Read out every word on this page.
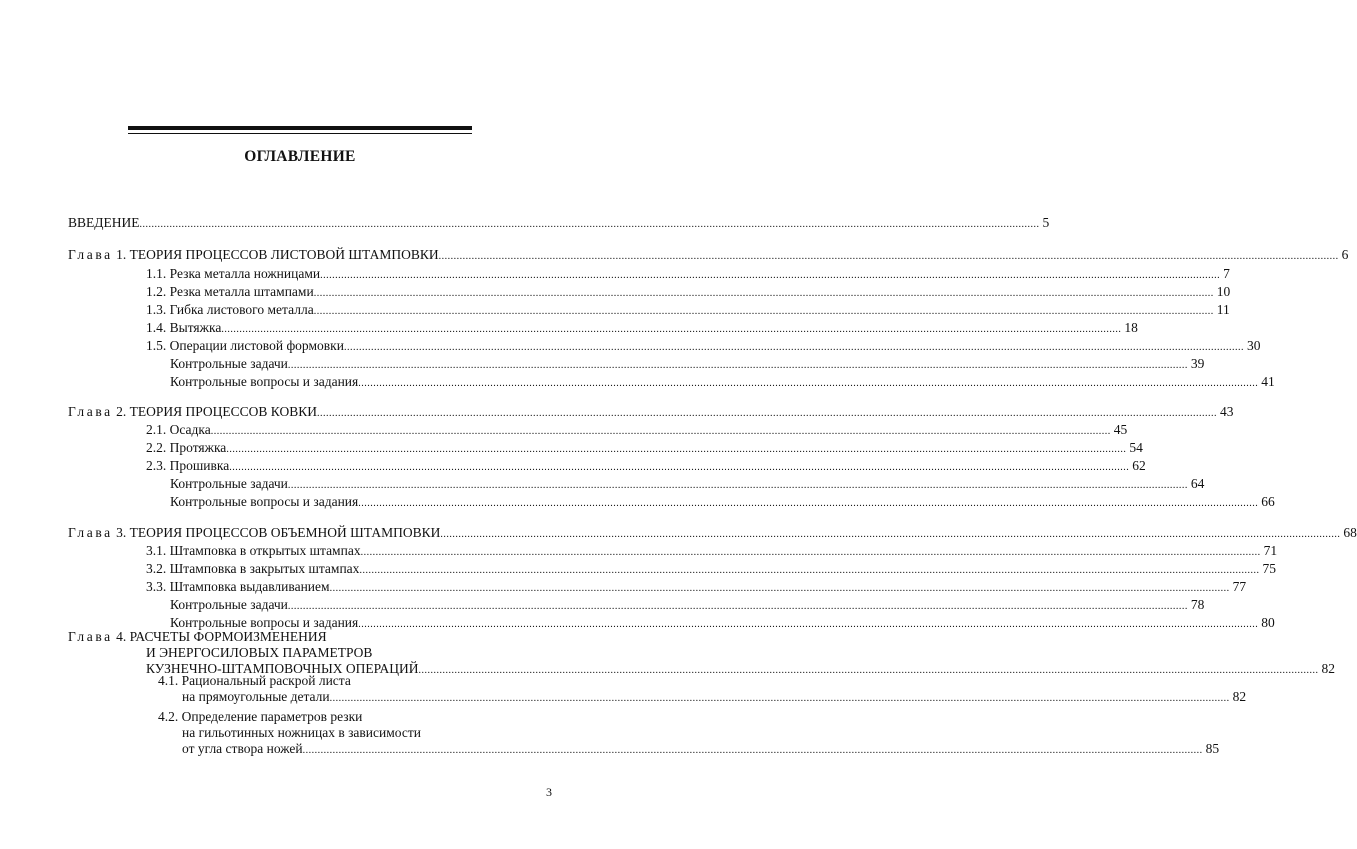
ОГЛАВЛЕНИЕ
ВВЕДЕНИЕ ............................................................................................................................................................................................................................................................................................................ 5
Глава 1. ТЕОРИЯ ПРОЦЕССОВ ЛИСТОВОЙ ШТАМПОВКИ ............................................................................................................................................................................................................................................................................................................ 6
1.1. Резка металла ножницами ............................................................................................................................................................................................................................................................................................................ 7
1.2. Резка металла штампами ............................................................................................................................................................................................................................................................................................................ 10
1.3. Гибка листового металла ............................................................................................................................................................................................................................................................................................................ 11
1.4. Вытяжка ............................................................................................................................................................................................................................................................................................................ 18
1.5. Операции листовой формовки ............................................................................................................................................................................................................................................................................................................ 30
Контрольные задачи ............................................................................................................................................................................................................................................................................................................ 39
Контрольные вопросы и задания ............................................................................................................................................................................................................................................................................................................ 41
Глава 2. ТЕОРИЯ ПРОЦЕССОВ КОВКИ ............................................................................................................................................................................................................................................................................................................ 43
2.1. Осадка ............................................................................................................................................................................................................................................................................................................ 45
2.2. Протяжка ............................................................................................................................................................................................................................................................................................................ 54
2.3. Прошивка ............................................................................................................................................................................................................................................................................................................ 62
Контрольные задачи ............................................................................................................................................................................................................................................................................................................ 64
Контрольные вопросы и задания ............................................................................................................................................................................................................................................................................................................ 66
Глава 3. ТЕОРИЯ ПРОЦЕССОВ ОБЪЕМНОЙ ШТАМПОВКИ ............................................................................................................................................................................................................................................................................................................ 68
3.1. Штамповка в открытых штампах ............................................................................................................................................................................................................................................................................................................ 71
3.2. Штамповка в закрытых штампах ............................................................................................................................................................................................................................................................................................................ 75
3.3. Штамповка выдавливанием ............................................................................................................................................................................................................................................................................................................ 77
Контрольные задачи ............................................................................................................................................................................................................................................................................................................ 78
Контрольные вопросы и задания ............................................................................................................................................................................................................................................................................................................ 80
Глава 4. РАСЧЕТЫ ФОРМОИЗМЕНЕНИЯ
И ЭНЕРГОСИЛОВЫХ ПАРАМЕТРОВ
КУЗНЕЧНО-ШТАМПОВОЧНЫХ ОПЕРАЦИЙ ............................................................................................................................................................................................................................................................................................................ 82
4.1. Рациональный раскрой листа
на прямоугольные детали ............................................................................................................................................................................................................................................................................................................ 82
4.2. Определение параметров резки
на гильотинных ножницах в зависимости
от угла створа ножей ............................................................................................................................................................................................................................................................................................................ 85
3
